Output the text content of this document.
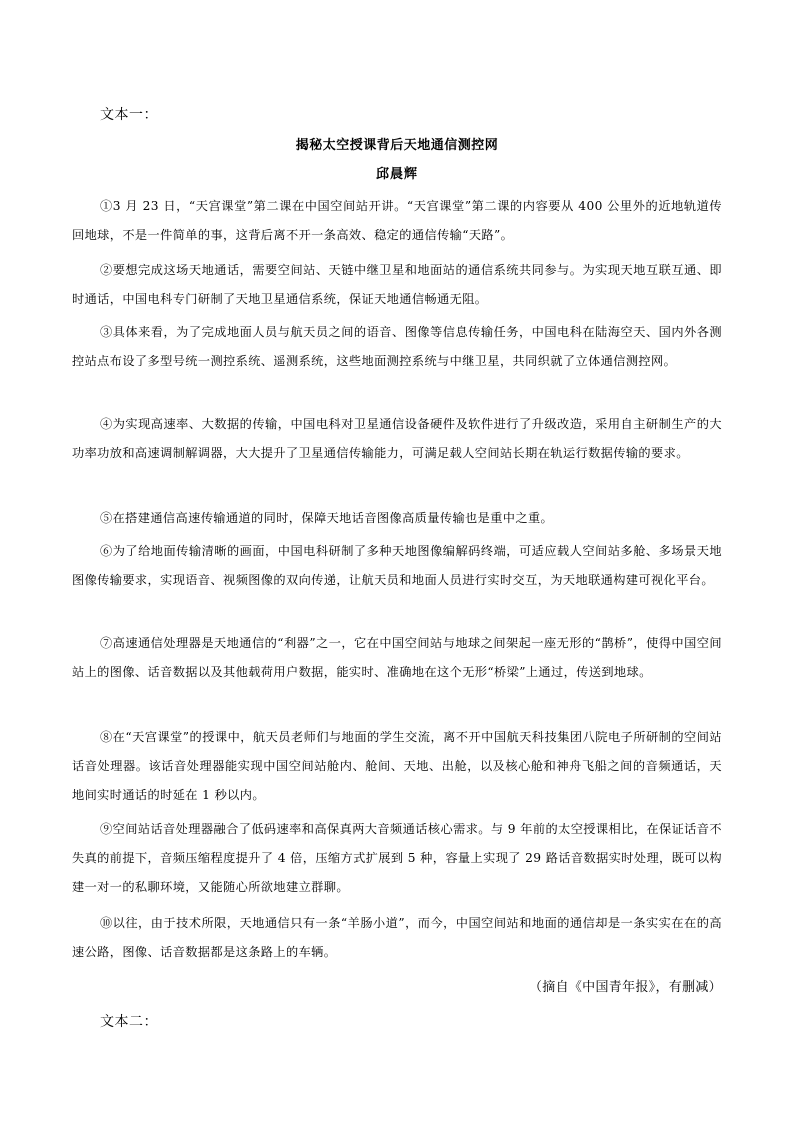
文本一：
揭秘太空授课背后天地通信测控网
邱晨辉
①3 月 23 日，“天宫课堂”第二课在中国空间站开讲。“天宫课堂”第二课的内容要从 400 公里外的近地轨道传回地球，不是一件简单的事，这背后离不开一条高效、稳定的通信传输“天路”。
②要想完成这场天地通话，需要空间站、天链中继卫星和地面站的通信系统共同参与。为实现天地互联互通、即时通话，中国电科专门研制了天地卫星通信系统，保证天地通信畅通无阻。
③具体来看，为了完成地面人员与航天员之间的语音、图像等信息传输任务，中国电科在陆海空天、国内外各测控站点布设了多型号统一测控系统、遥测系统，这些地面测控系统与中继卫星，共同织就了立体通信测控网。
④为实现高速率、大数据的传输，中国电科对卫星通信设备硬件及软件进行了升级改造，采用自主研制生产的大功率功放和高速调制解调器，大大提升了卫星通信传输能力，可满足载人空间站长期在轨运行数据传输的要求。
⑤在搭建通信高速传输通道的同时，保障天地话音图像高质量传输也是重中之重。
⑥为了给地面传输清晰的画面，中国电科研制了多种天地图像编解码终端，可适应载人空间站多舱、多场景天地图像传输要求，实现语音、视频图像的双向传递，让航天员和地面人员进行实时交互，为天地联通构建可视化平台。
⑦高速通信处理器是天地通信的“利器”之一，它在中国空间站与地球之间架起一座无形的“鹊桥”，使得中国空间站上的图像、话音数据以及其他载荷用户数据，能实时、准确地在这个无形“桥梁”上通过，传送到地球。
⑧在“天宫课堂”的授课中，航天员老师们与地面的学生交流，离不开中国航天科技集团八院电子所研制的空间站话音处理器。该话音处理器能实现中国空间站舱内、舱间、天地、出舱，以及核心舱和神舟飞船之间的音频通话，天地间实时通话的时延在 1 秒以内。
⑨空间站话音处理器融合了低码速率和高保真两大音频通话核心需求。与 9 年前的太空授课相比，在保证话音不失真的前提下，音频压缩程度提升了 4 倍，压缩方式扩展到 5 种，容量上实现了 29 路话音数据实时处理，既可以构建一对一的私聊环境，又能随心所欲地建立群聊。
⑩以往，由于技术所限，天地通信只有一条“羊肠小道”，而今，中国空间站和地面的通信却是一条实实在在的高速公路，图像、话音数据都是这条路上的车辆。
（摘自《中国青年报》，有删减）
文本二：
